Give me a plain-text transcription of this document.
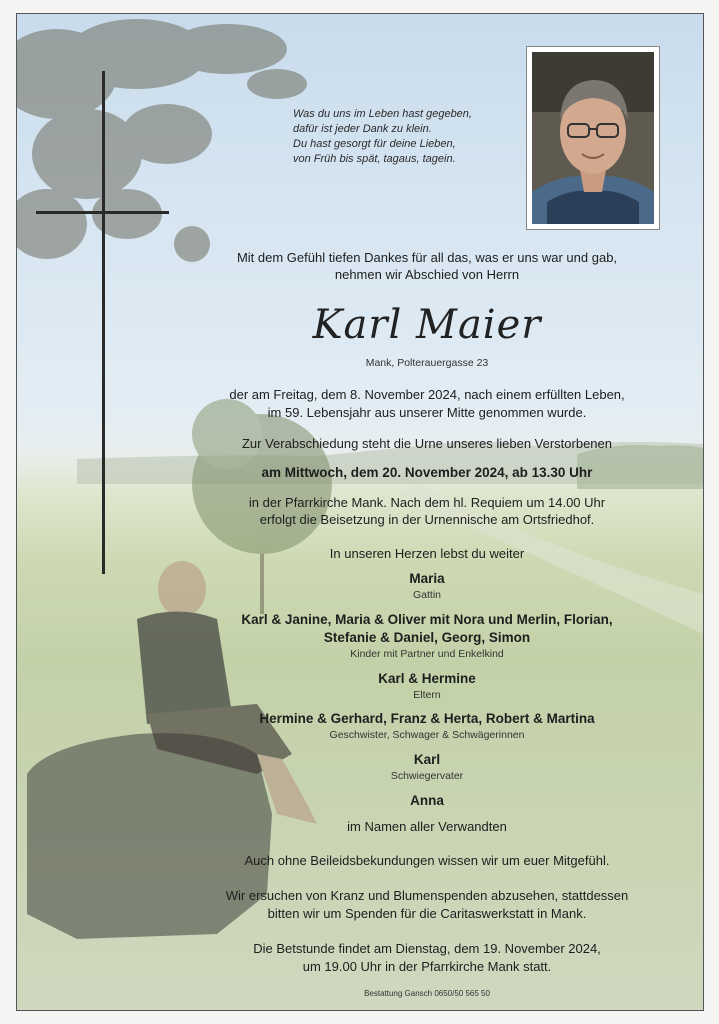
Was du uns im Leben hast gegeben,
dafür ist jeder Dank zu klein.
Du hast gesorgt für deine Lieben,
von Früh bis spät, tagaus, tagein.
Mit dem Gefühl tiefen Dankes für all das, was er uns war und gab,
nehmen wir Abschied von Herrn
Karl Maier
Mank, Polterauergasse 23
der am Freitag, dem 8. November 2024, nach einem erfüllten Leben,
im 59. Lebensjahr aus unserer Mitte genommen wurde.
Zur Verabschiedung steht die Urne unseres lieben Verstorbenen
am Mittwoch, dem 20. November 2024, ab 13.30 Uhr
in der Pfarrkirche Mank. Nach dem hl. Requiem um 14.00 Uhr
erfolgt die Beisetzung in der Urnennische am Ortsfriedhof.
In unseren Herzen lebst du weiter
Maria
Gattin
Karl & Janine, Maria & Oliver mit Nora und Merlin, Florian,
Stefanie & Daniel, Georg, Simon
Kinder mit Partner und Enkelkind
Karl & Hermine
Eltern
Hermine & Gerhard, Franz & Herta, Robert & Martina
Geschwister, Schwager & Schwägerinnen
Karl
Schwiegervater
Anna
im Namen aller Verwandten
Auch ohne Beileidsbekundungen wissen wir um euer Mitgefühl.
Wir ersuchen von Kranz und Blumenspenden abzusehen, stattdessen
bitten wir um Spenden für die Caritaswerkstatt in Mank.
Die Betstunde findet am Dienstag, dem 19. November 2024,
um 19.00 Uhr in der Pfarrkirche Mank statt.
Bestattung Gansch 0650/50 565 50
